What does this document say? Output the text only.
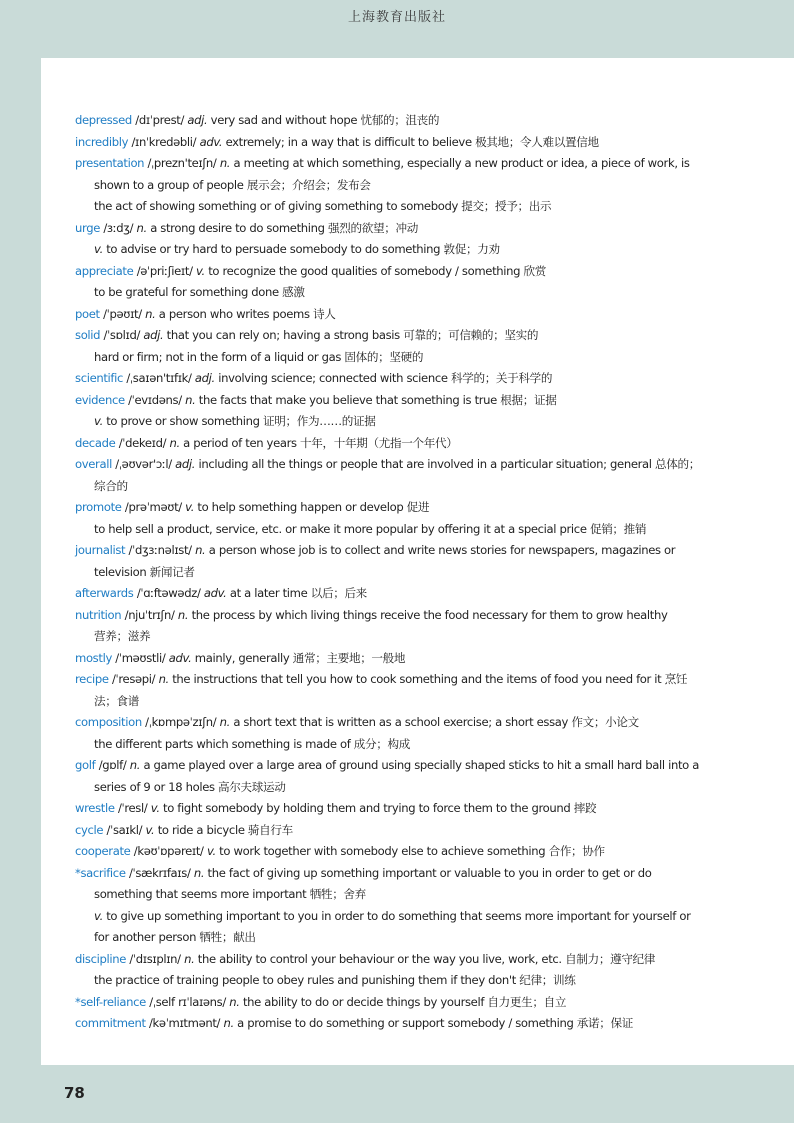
上海教育出版社
depressed /dɪˈprest/ adj. very sad and without hope 忧郁的；沮丧的
incredibly /ɪnˈkredəbli/ adv. extremely; in a way that is difficult to believe 极其地；令人难以置信地
presentation /ˌprezn'teɪʃn/ n. a meeting at which something, especially a new product or idea, a piece of work, is
shown to a group of people 展示会；介绍会；发布会
the act of showing something or of giving something to somebody 提交；授予；出示
urge /ɜːdʒ/ n. a strong desire to do something 强烈的欲望；冲动
v. to advise or try hard to persuade somebody to do something 敦促；力劝
appreciate /əˈpriːʃieɪt/ v. to recognize the good qualities of somebody / something 欣赏
to be grateful for something done 感激
poet /ˈpəʊɪt/ n. a person who writes poems 诗人
solid /ˈsɒlɪd/ adj. that you can rely on; having a strong basis 可靠的；可信赖的；坚实的
hard or firm; not in the form of a liquid or gas 固体的；坚硬的
scientific /ˌsaɪən'tɪfɪk/ adj. involving science; connected with science 科学的；关于科学的
evidence /ˈevɪdəns/ n. the facts that make you believe that something is true 根据；证据
v. to prove or show something 证明；作为……的证据
decade /ˈdekeɪd/ n. a period of ten years 十年，十年期（尤指一个年代）
overall /ˌəʊvər'ɔːl/ adj. including all the things or people that are involved in a particular situation; general 总体的；
综合的
promote /prəˈməʊt/ v. to help something happen or develop 促进
to help sell a product, service, etc. or make it more popular by offering it at a special price 促销；推销
journalist /ˈdʒɜːnəlɪst/ n. a person whose job is to collect and write news stories for newspapers, magazines or
television 新闻记者
afterwards /ˈɑːftəwədz/ adv. at a later time 以后；后来
nutrition /njuˈtrɪʃn/ n. the process by which living things receive the food necessary for them to grow healthy
营养；滋养
mostly /ˈməʊstli/ adv. mainly, generally 通常；主要地；一般地
recipe /ˈresəpi/ n. the instructions that tell you how to cook something and the items of food you need for it 烹饪
法；食谱
composition /ˌkɒmpəˈzɪʃn/ n. a short text that is written as a school exercise; a short essay 作文；小论文
the different parts which something is made of 成分；构成
golf /gɒlf/ n. a game played over a large area of ground using specially shaped sticks to hit a small hard ball into a
series of 9 or 18 holes 高尔夫球运动
wrestle /ˈresl/ v. to fight somebody by holding them and trying to force them to the ground 摔跤
cycle /ˈsaɪkl/ v. to ride a bicycle 骑自行车
cooperate /kəʊˈɒpəreɪt/ v. to work together with somebody else to achieve something 合作；协作
*sacrifice /ˈsækrɪfaɪs/ n. the fact of giving up something important or valuable to you in order to get or do
something that seems more important 牺牲；舍弃
v. to give up something important to you in order to do something that seems more important for yourself or
for another person 牺牲；献出
discipline /ˈdɪsɪplɪn/ n. the ability to control your behaviour or the way you live, work, etc. 自制力；遵守纪律
the practice of training people to obey rules and punishing them if they don't 纪律；训练
*self-reliance /ˌself rɪˈlaɪəns/ n. the ability to do or decide things by yourself 自力更生；自立
commitment /kəˈmɪtmənt/ n. a promise to do something or support somebody / something 承诺；保证
78
